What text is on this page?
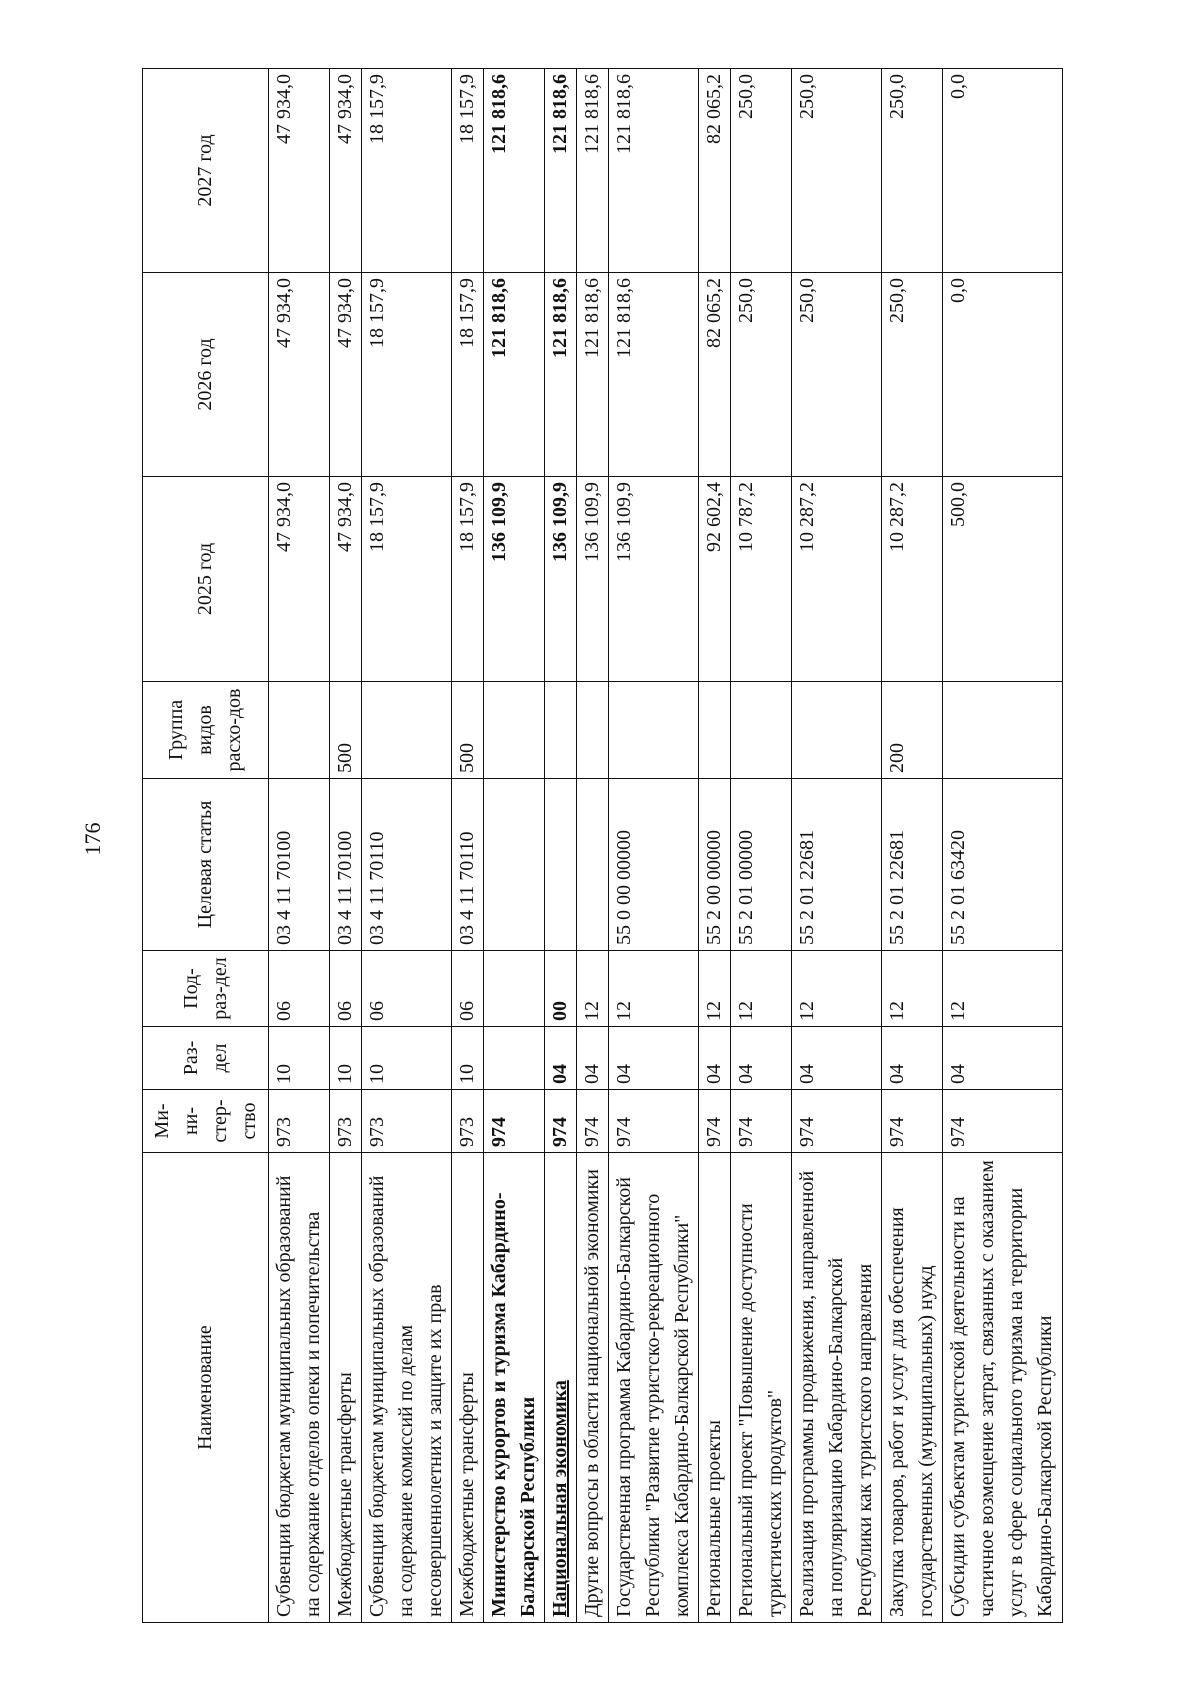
176
Наименование	Ми-ни-стер-ство	Раз-дел	Под-раз-дел	Целевая статья	Группа видов расхо-дов	2025 год	2026 год	2027 год
Субвенции бюджетам муниципальных образований на содержание отделов опеки и попечительства	973	10	06	03 4 11 70100		47 934,0	47 934,0	47 934,0
Межбюджетные трансферты	973	10	06	03 4 11 70100	500	47 934,0	47 934,0	47 934,0
Субвенции бюджетам муниципальных образований на содержание комиссий по делам несовершеннолетних и защите их прав	973	10	06	03 4 11 70110		18 157,9	18 157,9	18 157,9
Межбюджетные трансферты	973	10	06	03 4 11 70110	500	18 157,9	18 157,9	18 157,9
Министерство курортов и туризма Кабардино-Балкарской Республики	974					136 109,9	121 818,6	121 818,6
Национальная экономика	974	04	00			136 109,9	121 818,6	121 818,6
Другие вопросы в области национальной экономики	974	04	12			136 109,9	121 818,6	121 818,6
Государственная программа Кабардино-Балкарской Республики "Развитие туристско-рекреационного комплекса Кабардино-Балкарской Республики"	974	04	12	55 0 00 00000		136 109,9	121 818,6	121 818,6
Региональные проекты	974	04	12	55 2 00 00000		92 602,4	82 065,2	82 065,2
Региональный проект "Повышение доступности туристических продуктов"	974	04	12	55 2 01 00000		10 787,2	250,0	250,0
Реализация программы продвижения, направленной на популяризацию Кабардино-Балкарской Республики как туристского направления	974	04	12	55 2 01 22681		10 287,2	250,0	250,0
Закупка товаров, работ и услуг для обеспечения государственных (муниципальных) нужд	974	04	12	55 2 01 22681	200	10 287,2	250,0	250,0
Субсидии субъектам туристской деятельности на частичное возмещение затрат, связанных с оказанием услуг в сфере социального туризма на территории Кабардино-Балкарской Республики	974	04	12	55 2 01 63420		500,0	0,0	0,0
